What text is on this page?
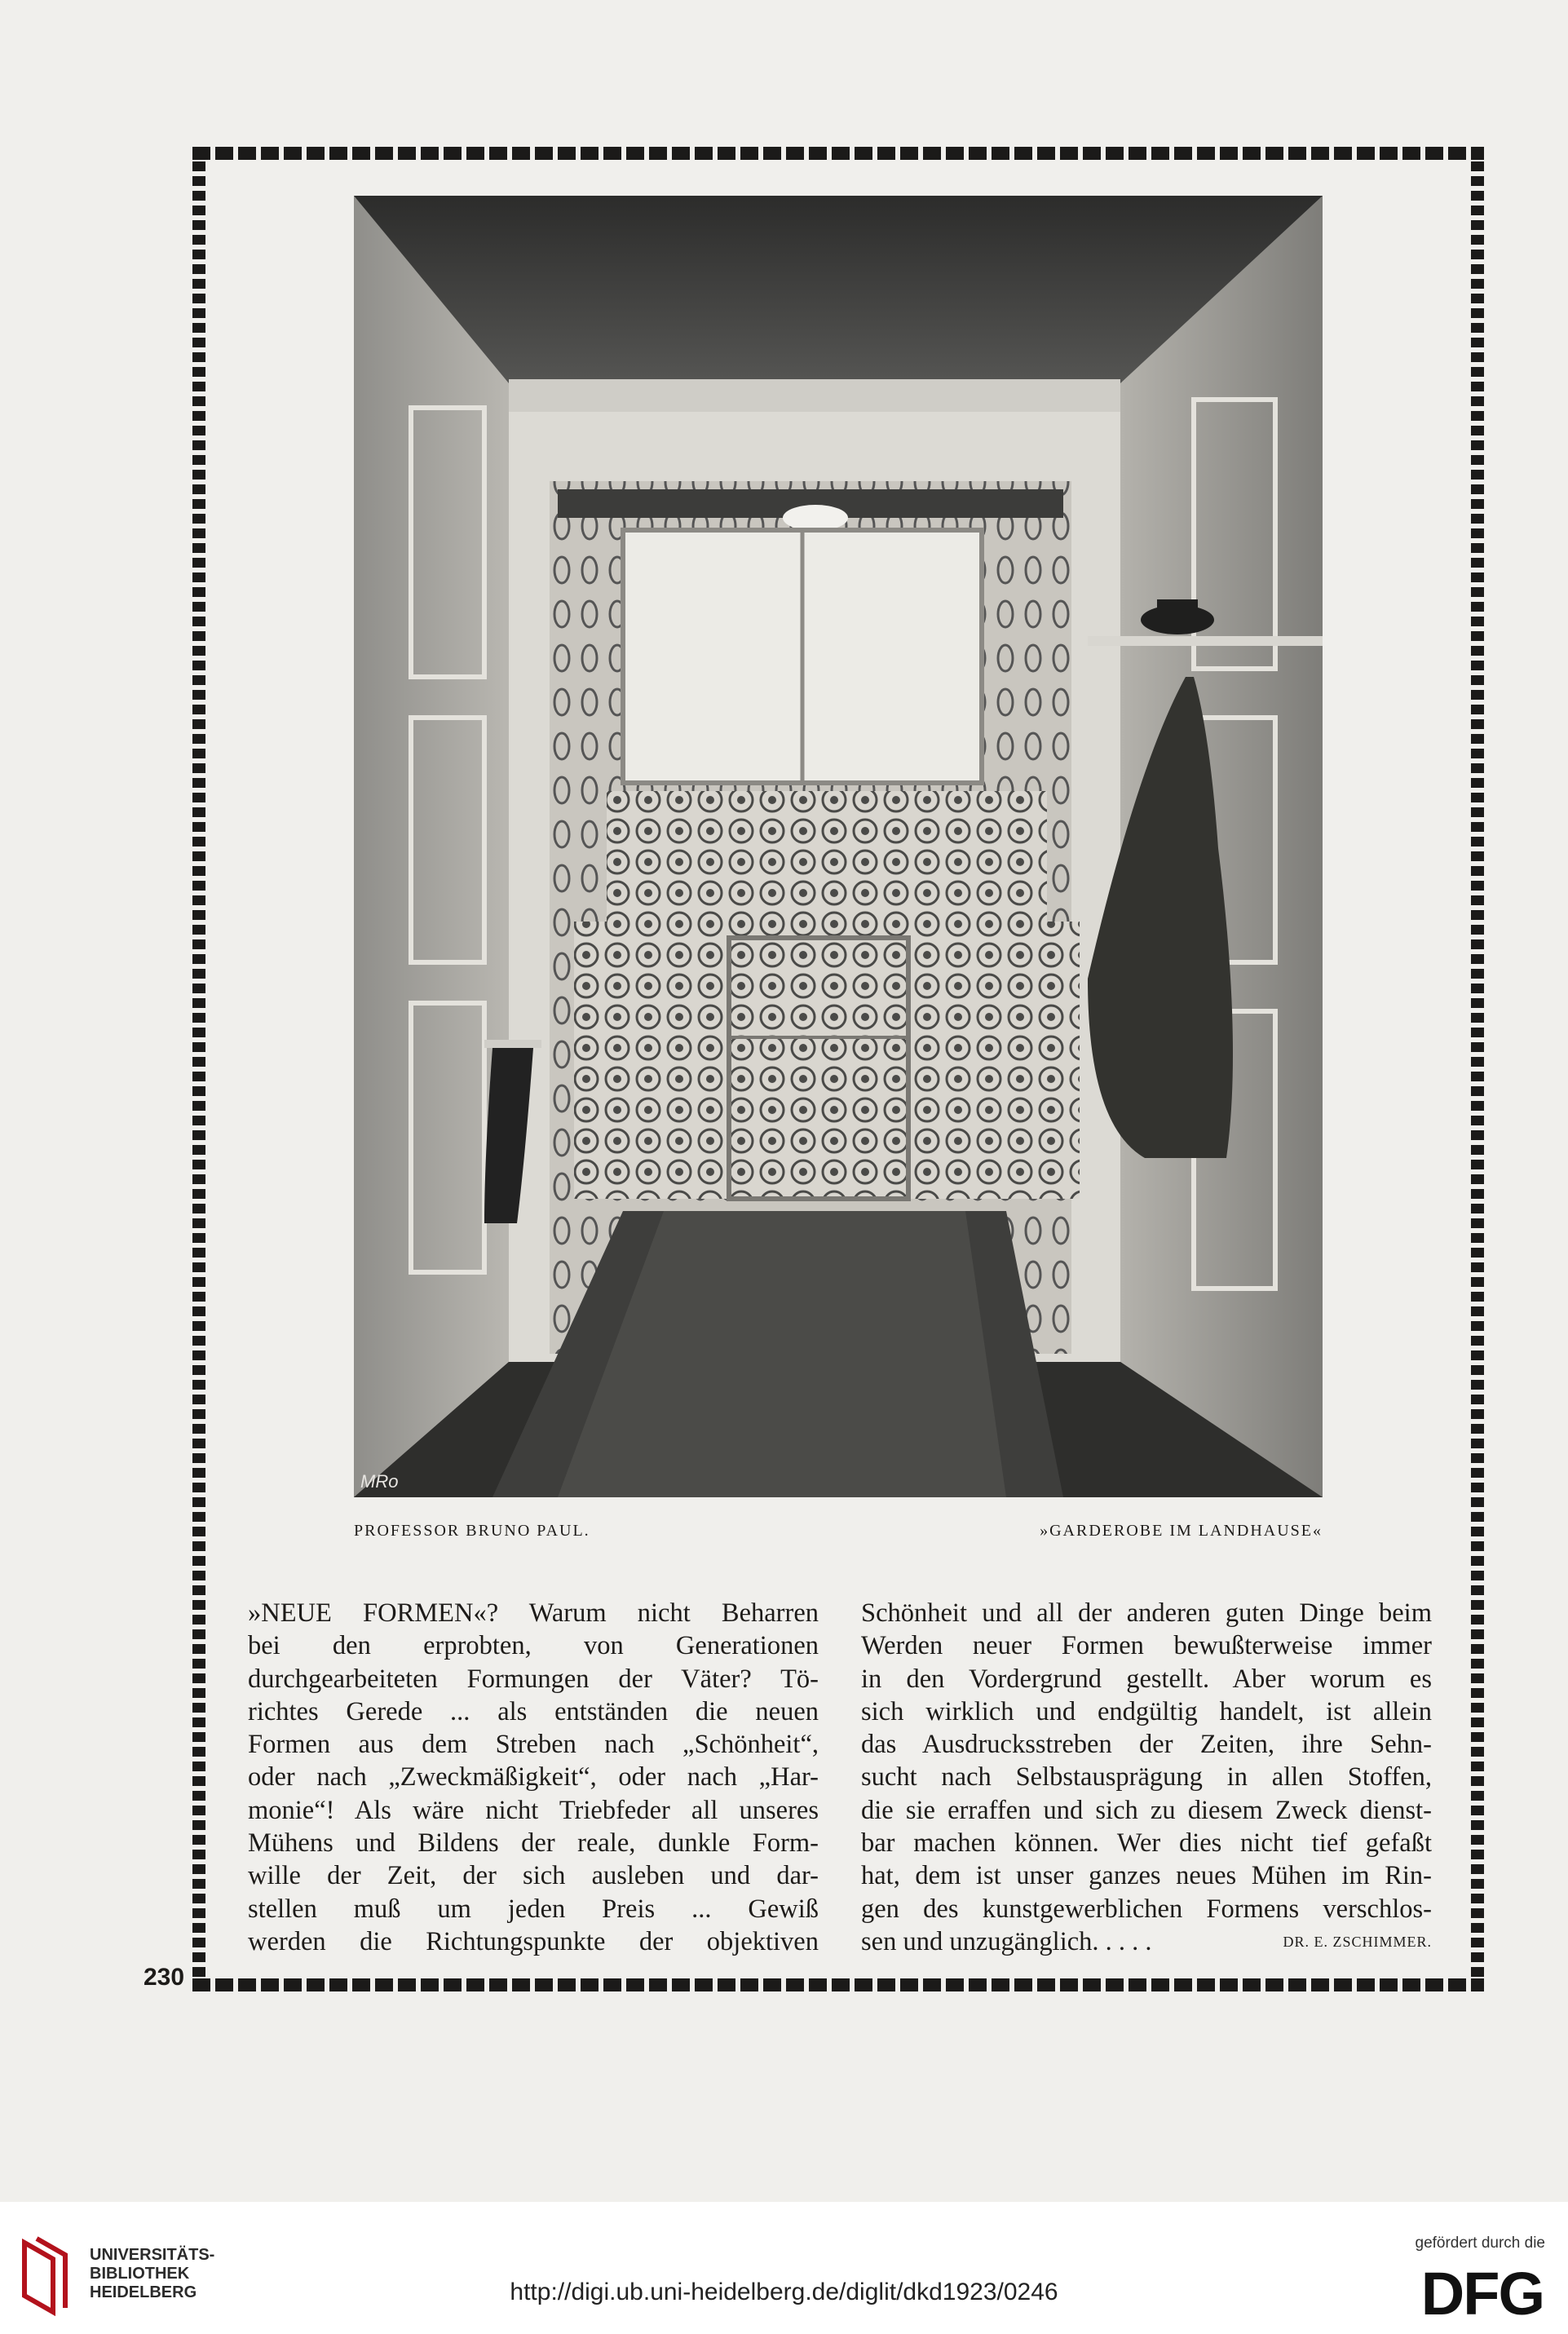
MRo
PROFESSOR BRUNO PAUL.	»GARDEROBE IM LANDHAUSE«
»NEUE FORMEN«? Warum nicht Beharren
bei den erprobten, von Generationen
durchgearbeiteten Formungen der Väter? Tö-
richtes Gerede ... als entständen die neuen
Formen aus dem Streben nach „Schönheit“,
oder nach „Zweckmäßigkeit“, oder nach „Har-
monie“! Als wäre nicht Triebfeder all unseres
Mühens und Bildens der reale, dunkle Form-
wille der Zeit, der sich ausleben und dar-
stellen muß um jeden Preis ... Gewiß
werden die Richtungspunkte der objektiven
Schönheit und all der anderen guten Dinge beim
Werden neuer Formen bewußterweise immer
in den Vordergrund gestellt. Aber worum es
sich wirklich und endgültig handelt, ist allein
das Ausdrucksstreben der Zeiten, ihre Sehn-
sucht nach Selbstausprägung in allen Stoffen,
die sie erraffen und sich zu diesem Zweck dienst-
bar machen können. Wer dies nicht tief gefaßt
hat, dem ist unser ganzes neues Mühen im Rin-
gen des kunstgewerblichen Formens verschlos-
sen und unzugänglich. . . . .	DR. E. ZSCHIMMER.
230
UNIVERSITÄTS-
BIBLIOTHEK
HEIDELBERG	http://digi.ub.uni-heidelberg.de/diglit/dkd1923/0246
gefördert durch die
DFG
